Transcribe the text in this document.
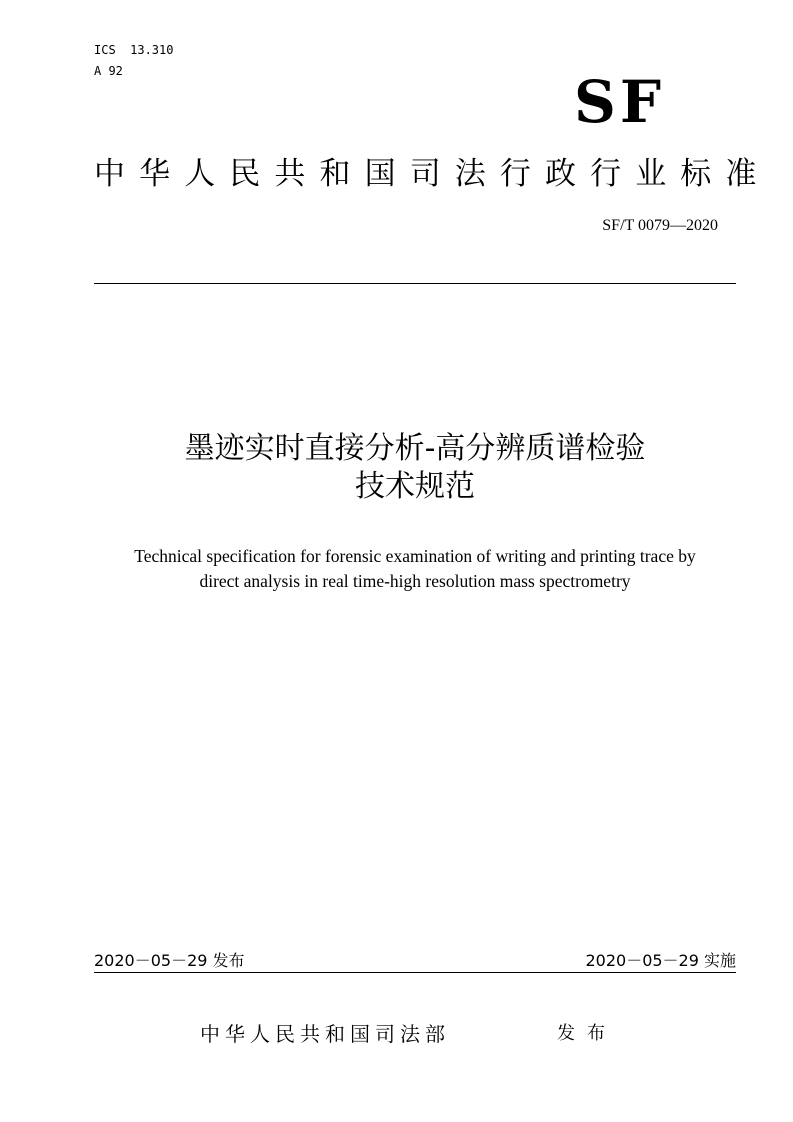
ICS  13.310
A 92	SF
中华人民共和国司法行政行业标准
SF/T 0079—2020
墨迹实时直接分析-高分辨质谱检验
技术规范
Technical specification for forensic examination of writing and printing trace by
direct analysis in real time-high resolution mass spectrometry
2020－05－29 发布	2020－05－29 实施
中华人民共和国司法部	发布
